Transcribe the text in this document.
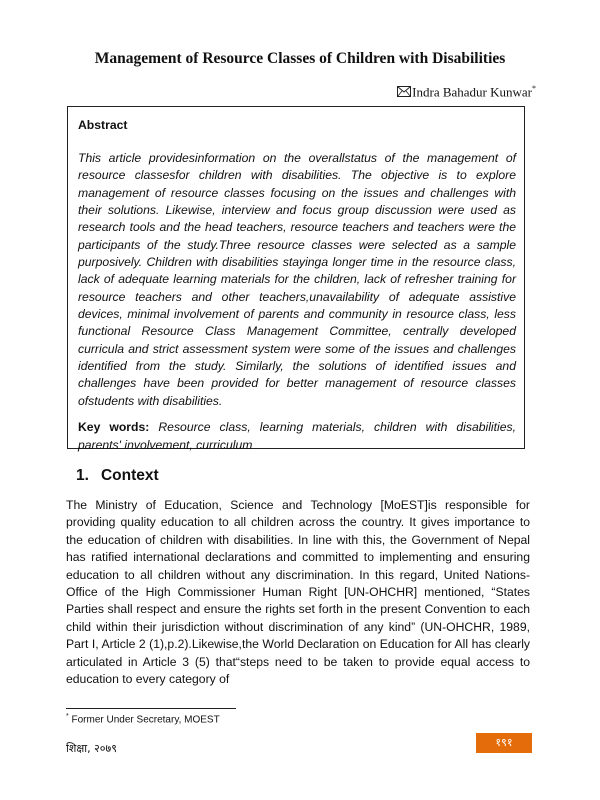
Management of Resource Classes of Children with Disabilities
Indra Bahadur Kunwar*
Abstract

This article providesinformation on the overallstatus of the management of resource classesfor children with disabilities. The objective is to explore management of resource classes focusing on the issues and challenges with their solutions. Likewise, interview and focus group discussion were used as research tools and the head teachers, resource teachers and teachers were the participants of the study.Three resource classes were selected as a sample purposively. Children with disabilities stayinga longer time in the resource class, lack of adequate learning materials for the children, lack of refresher training for resource teachers and other teachers,unavailability of adequate assistive devices, minimal involvement of parents and community in resource class, less functional Resource Class Management Committee, centrally developed curricula and strict assessment system were some of the issues and challenges identified from the study. Similarly, the solutions of identified issues and challenges have been provided for better management of resource classes ofstudents with disabilities.

Key words: Resource class, learning materials, children with disabilities, parents' involvement, curriculum

1. Context

The Ministry of Education, Science and Technology [MoEST]is responsible for providing quality education to all children across the country. It gives importance to the education of children with disabilities. In line with this, the Government of Nepal has ratified international declarations and committed to implementing and ensuring education to all children without any discrimination. In this regard, United Nations- Office of the High Commissioner Human Right [UN-OHCHR] mentioned, “States Parties shall respect and ensure the rights set forth in the present Convention to each child within their jurisdiction without discrimination of any kind” (UN-OHCHR, 1989, Part I, Article 2 (1),p.2).Likewise,the World Declaration on Education for All has clearly articulated in Article 3 (5) that“steps need to be taken to provide equal access to education to every category of

* Former Under Secretary, MOEST
शिक्षा, २०७९	१९१
